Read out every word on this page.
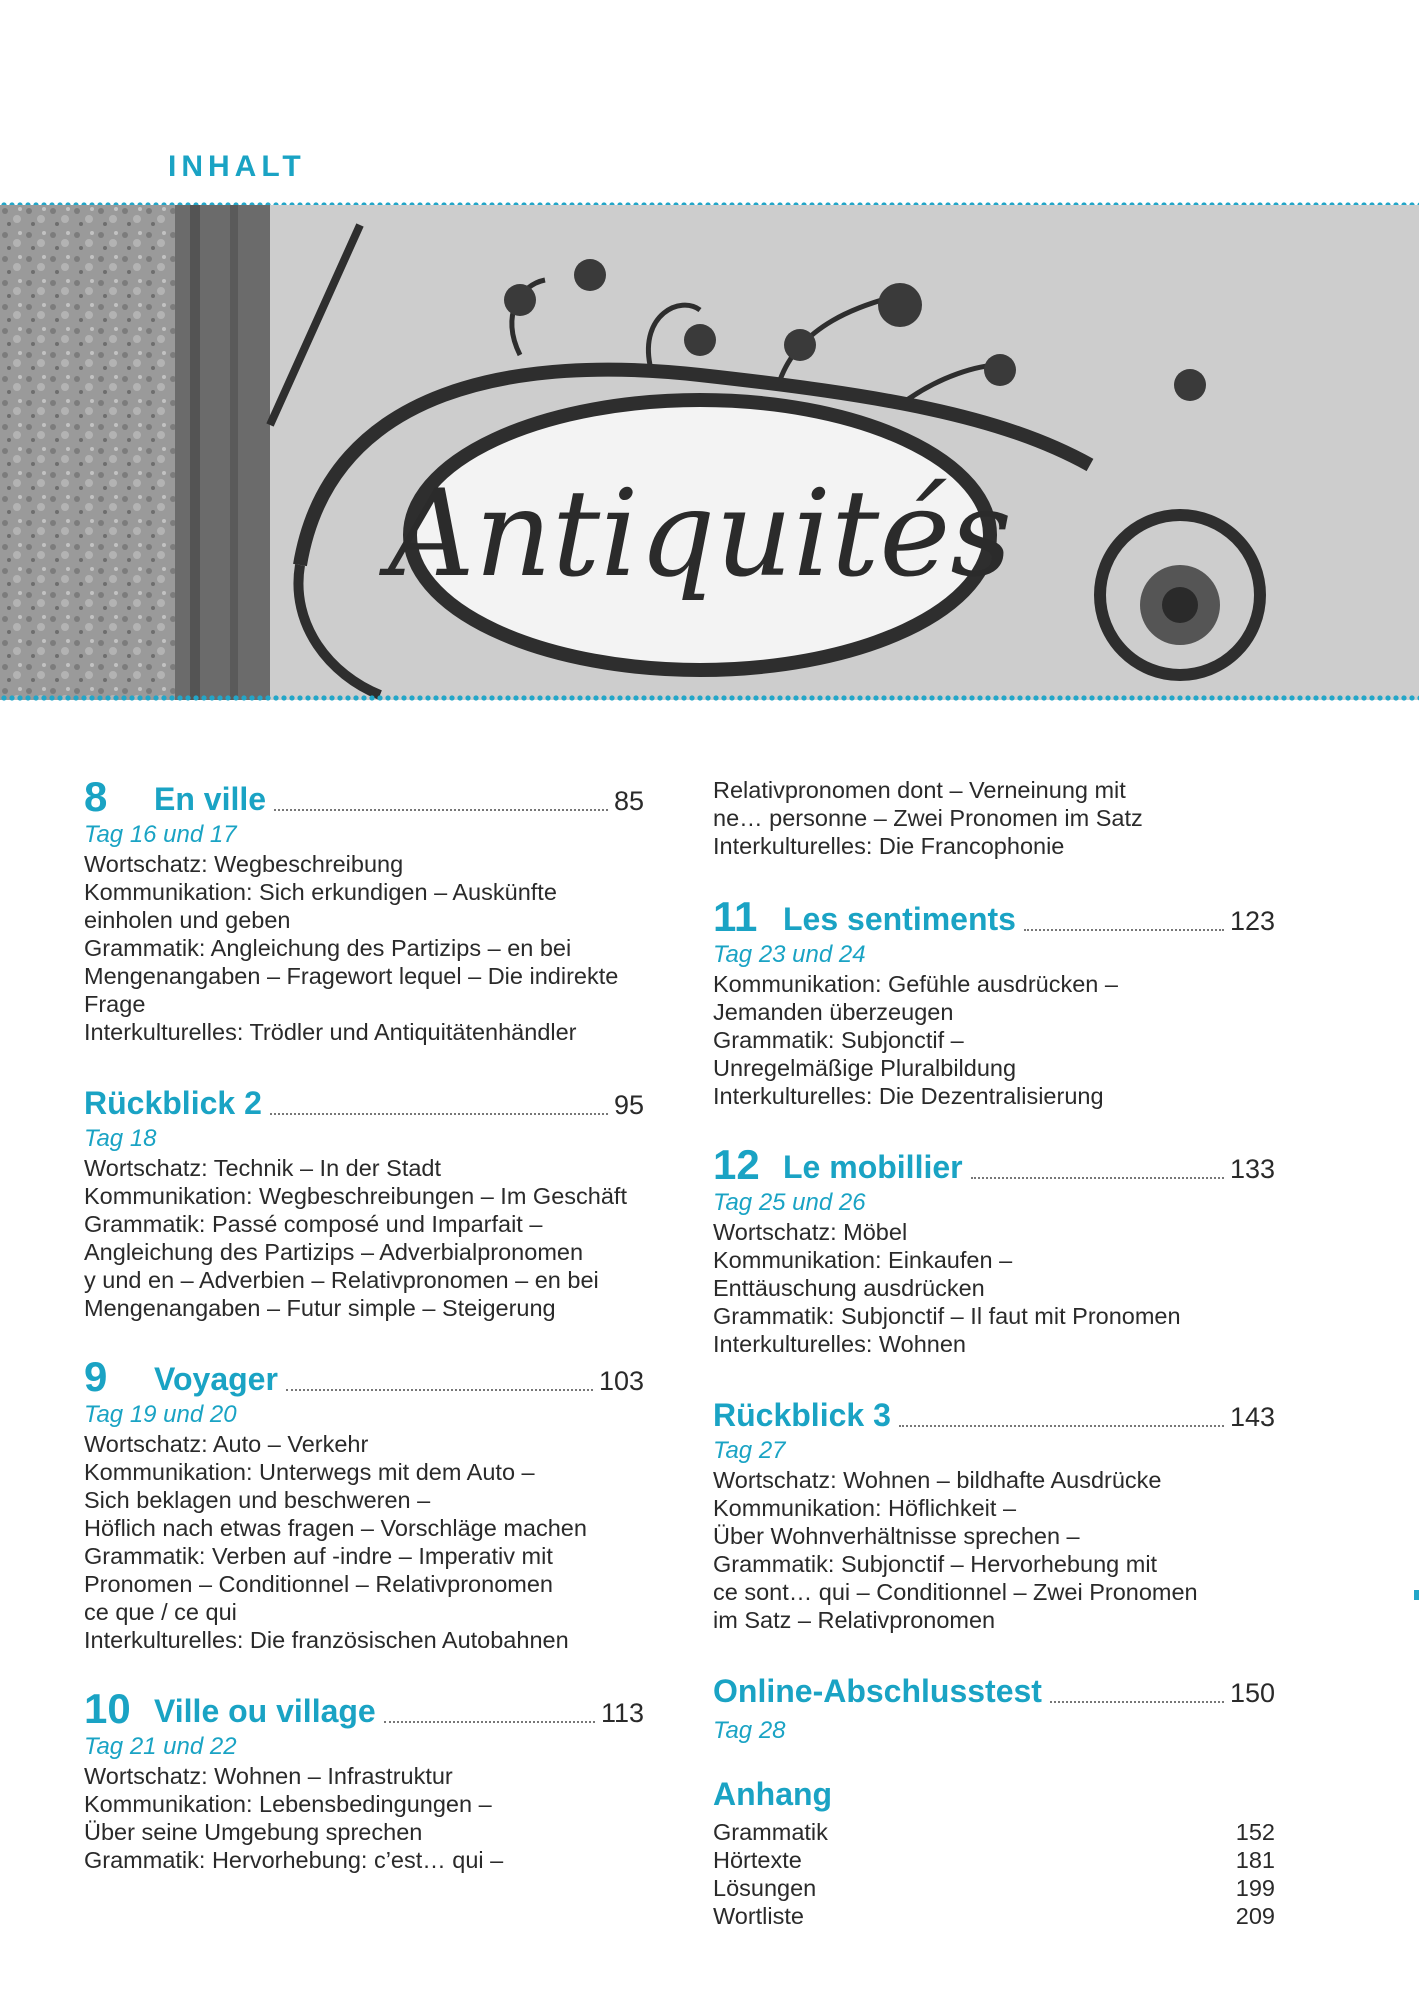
INHALT
Antiquités
8	En ville	85
Tag 16 und 17
Wortschatz: Wegbeschreibung
Kommunikation: Sich erkundigen – Auskünfte
einholen und geben
Grammatik: Angleichung des Partizips – en bei
Mengenangaben – Fragewort lequel – Die indirekte
Frage
Interkulturelles: Trödler und Antiquitätenhändler
Rückblick 2	95
Tag 18
Wortschatz: Technik – In der Stadt
Kommunikation: Wegbeschreibungen – Im Geschäft
Grammatik: Passé composé und Imparfait –
Angleichung des Partizips – Adverbialpronomen
y und en – Adverbien – Relativpronomen – en bei
Mengenangaben – Futur simple – Steigerung
9	Voyager	103
Tag 19 und 20
Wortschatz: Auto – Verkehr
Kommunikation: Unterwegs mit dem Auto –
Sich beklagen und beschweren –
Höflich nach etwas fragen – Vorschläge machen
Grammatik: Verben auf -indre – Imperativ mit
Pronomen – Conditionnel – Relativpronomen
ce que / ce qui
Interkulturelles: Die französischen Autobahnen
10 Ville ou village	113
Tag 21 und 22
Wortschatz: Wohnen – Infrastruktur
Kommunikation: Lebensbedingungen –
Über seine Umgebung sprechen
Grammatik: Hervorhebung: c’est… qui –
Relativpronomen dont – Verneinung mit
ne… personne – Zwei Pronomen im Satz
Interkulturelles: Die Francophonie
11 Les sentiments	123
Tag 23 und 24
Kommunikation: Gefühle ausdrücken –
Jemanden überzeugen
Grammatik: Subjonctif –
Unregelmäßige Pluralbildung
Interkulturelles: Die Dezentralisierung
12 Le mobillier	133
Tag 25 und 26
Wortschatz: Möbel
Kommunikation: Einkaufen –
Enttäuschung ausdrücken
Grammatik: Subjonctif – Il faut mit Pronomen
Interkulturelles: Wohnen
Rückblick 3	143
Tag 27
Wortschatz: Wohnen – bildhafte Ausdrücke
Kommunikation: Höflichkeit –
Über Wohnverhältnisse sprechen –
Grammatik: Subjonctif – Hervorhebung mit
ce sont… qui – Conditionnel – Zwei Pronomen
im Satz – Relativpronomen
Online-Abschlusstest	150
Tag 28
Anhang
Grammatik	152
Hörtexte	181
Lösungen	199
Wortliste	209
